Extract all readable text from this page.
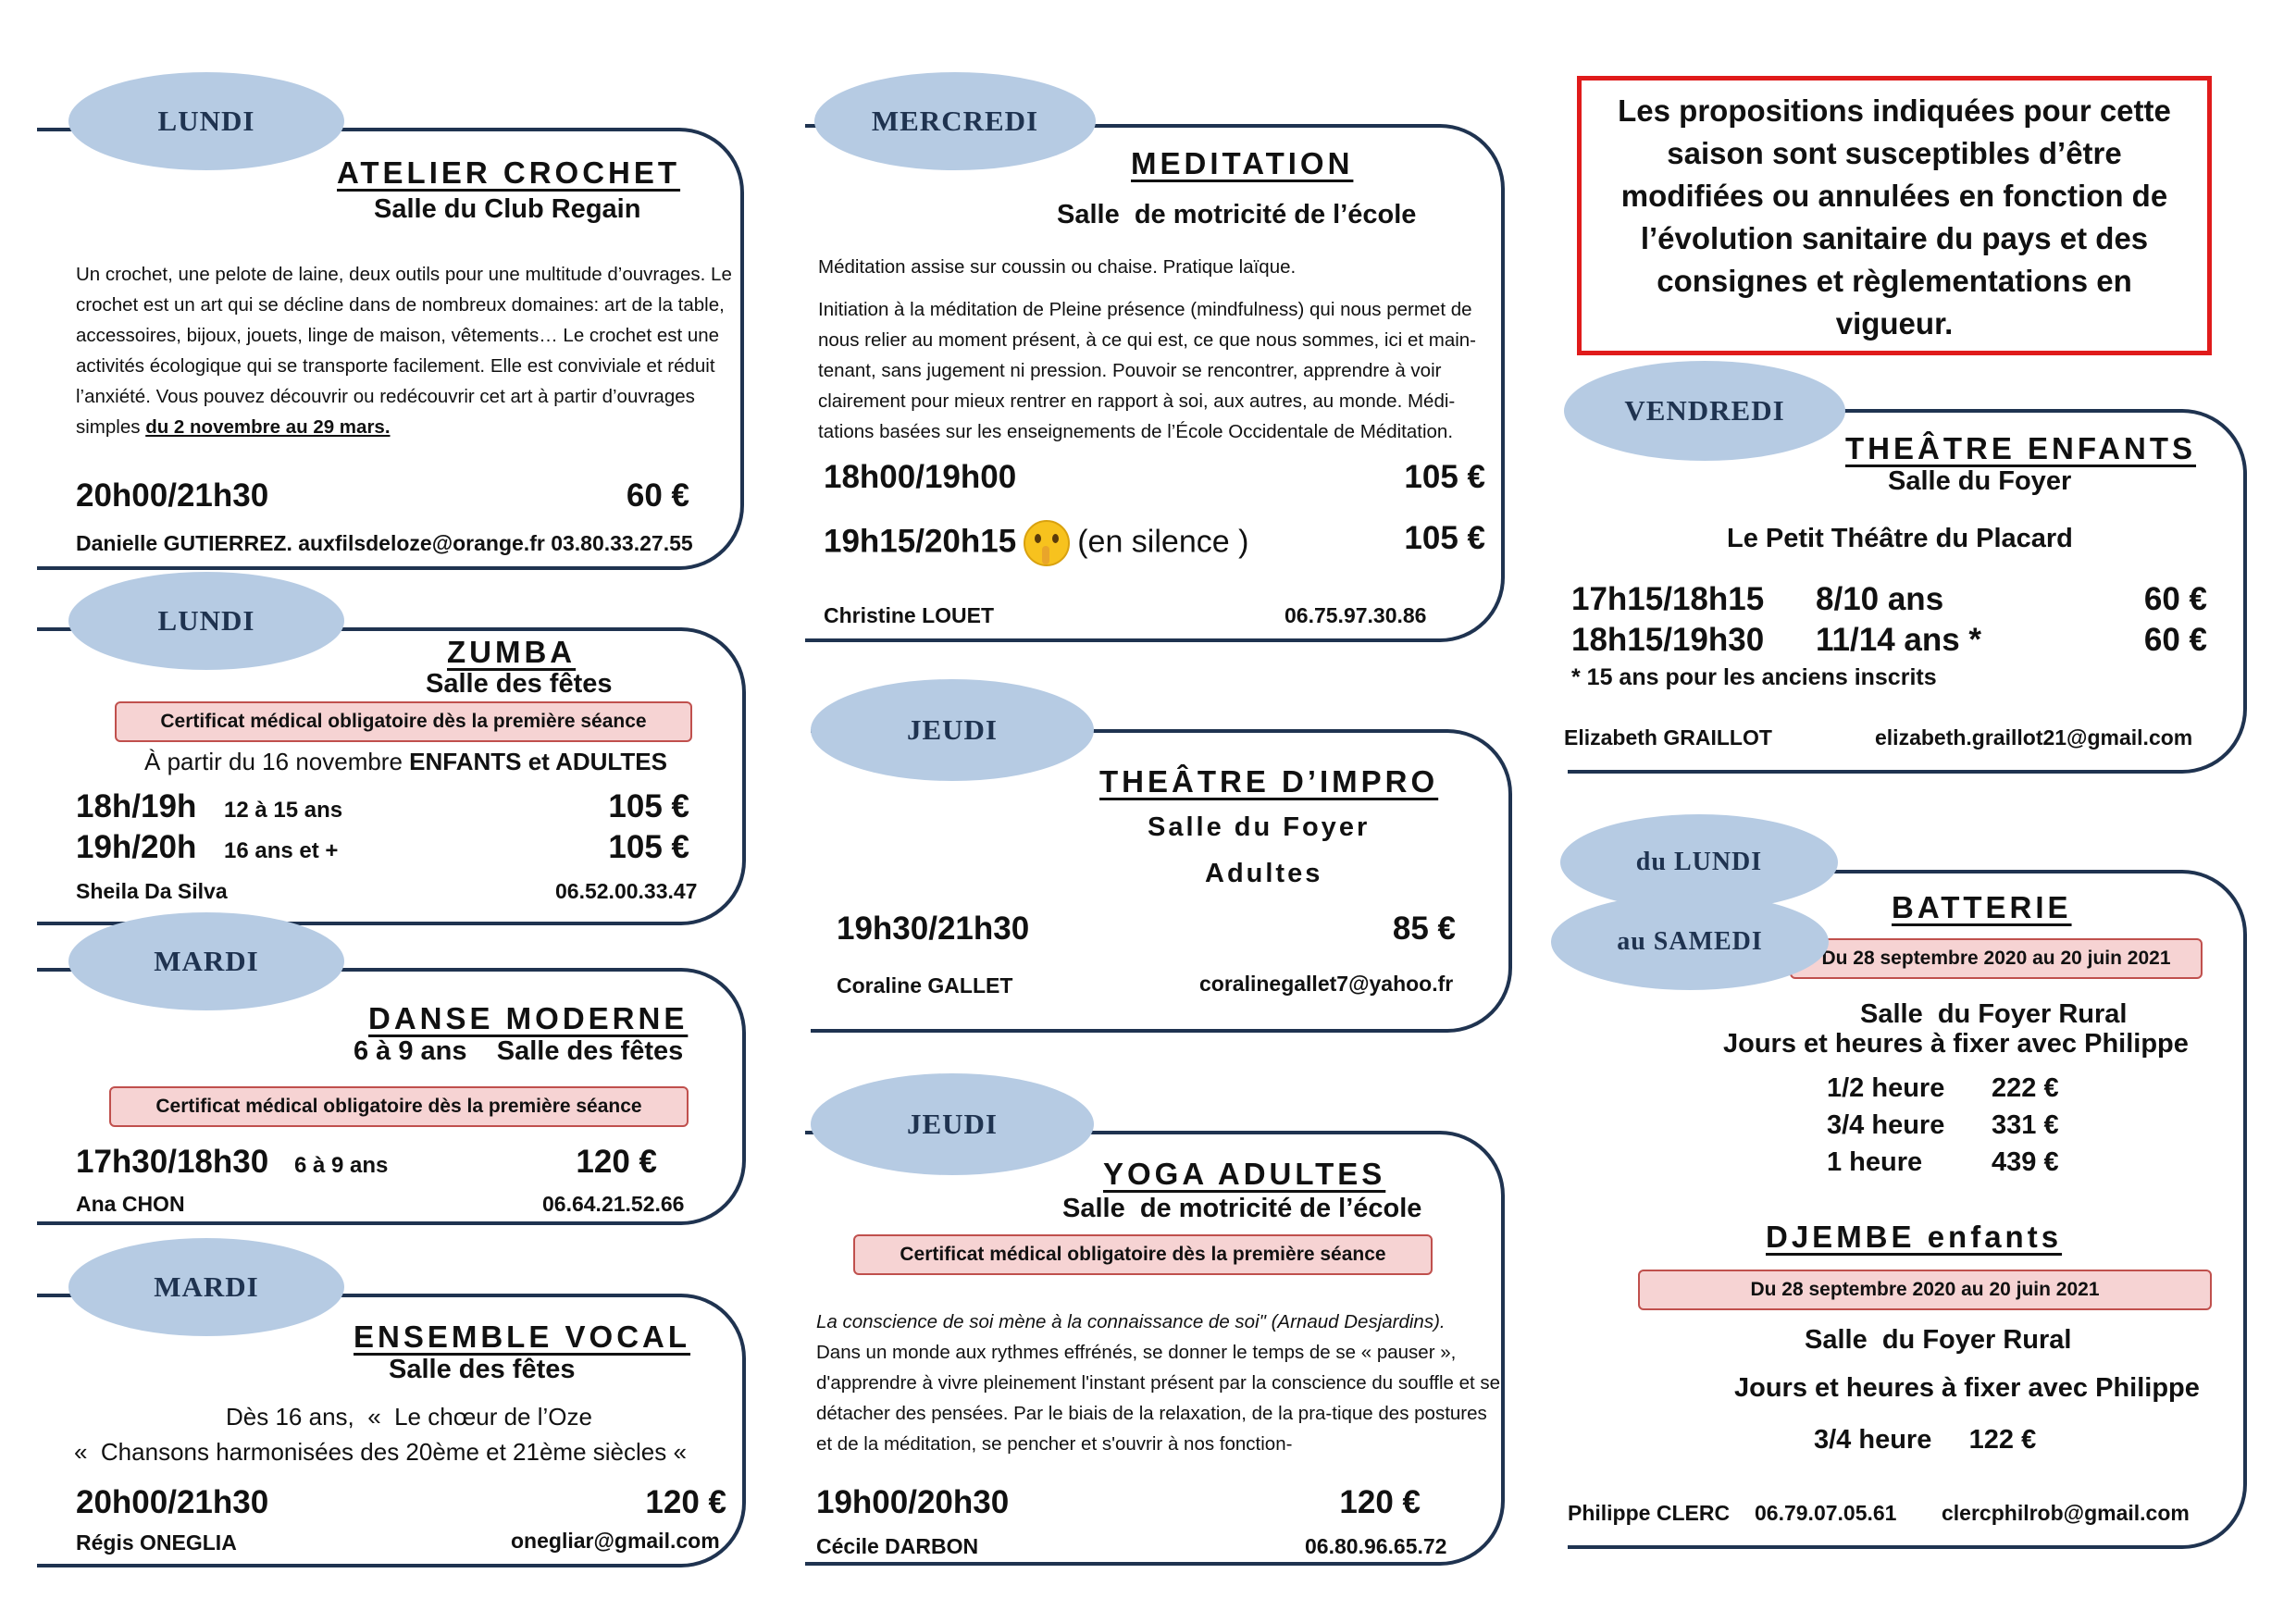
LUNDI
ATELIER CROCHET
Salle du Club Regain
Un crochet, une pelote de laine, deux outils pour une multitude d’ouvrages. Le crochet est un art qui se décline dans de nombreux domaines: art de la table, accessoires, bijoux, jouets, linge de maison, vêtements… Le crochet est une activités écologique qui se transporte facilement. Elle est conviviale et réduit l’anxiété. Vous pouvez découvrir ou redécouvrir cet art à partir d’ouvrages simples du 2 novembre au 29 mars.
20h00/21h30	60 €
Danielle GUTIERREZ. auxfilsdeloze@orange.fr 03.80.33.27.55
LUNDI
ZUMBA
Salle des fêtes
Certificat médical obligatoire dès la première séance
À partir du 16 novembre ENFANTS et ADULTES
18h/19h 12 à 15 ans	105 €
19h/20h 16 ans et +	105 €
Sheila Da Silva	06.52.00.33.47
MARDI
DANSE MODERNE
6 à 9 ans    Salle des fêtes
Certificat médical obligatoire dès la première séance
17h30/18h30 6 à 9 ans	120 €
Ana CHON	06.64.21.52.66
MARDI
ENSEMBLE VOCAL
Salle des fêtes
Dès 16 ans,  «  Le chœur de l’Oze
«  Chansons harmonisées des 20ème et 21ème siècles «
20h00/21h30	120 €
Régis ONEGLIA	onegliar@gmail.com
MERCREDI
MEDITATION
Salle  de motricité de l’école
Méditation assise sur coussin ou chaise. Pratique laïque.
Initiation à la méditation de Pleine présence (mindfulness) qui nous permet de nous relier au moment présent, à ce qui est, ce que nous sommes, ici et main-tenant, sans jugement ni pression. Pouvoir se rencontrer, apprendre à voir clairement pour mieux rentrer en rapport à soi, aux autres, au monde. Médi-tations basées sur les enseignements de l’École Occidentale de Méditation.
18h00/19h00	105 €
19h15/20h15 (en silence )	105 €
Christine LOUET	06.75.97.30.86
JEUDI
THEÂTRE D’IMPRO
Salle du Foyer
Adultes
19h30/21h30	85 €
Coraline GALLET	coralinegallet7@yahoo.fr
JEUDI
YOGA ADULTES
Salle  de motricité de l’école
Certificat médical obligatoire dès la première séance
La conscience de soi mène à la connaissance de soi" (Arnaud Desjardins).
Dans un monde aux rythmes effrénés, se donner le temps de se « pauser », d'apprendre à vivre pleinement l'instant présent par la conscience du souffle et se détacher des pensées. Par le biais de la relaxation, de la pra-tique des postures et de la méditation, se pencher et s'ouvrir à nos fonction-
19h00/20h30	120 €
Cécile DARBON	06.80.96.65.72
Les propositions indiquées pour cette saison sont susceptibles d’être modifiées ou annulées en fonction de l’évolution sanitaire du pays et des consignes et règlementations en vigueur.
VENDREDI
THEÂTRE ENFANTS
Salle du Foyer
Le Petit Théâtre du Placard
17h15/18h15 8/10 ans	60 €
18h15/19h30 11/14 ans *	60 €
* 15 ans pour les anciens inscrits
Elizabeth GRAILLOT	elizabeth.graillot21@gmail.com
du LUNDI
au SAMEDI
BATTERIE
Du 28 septembre 2020 au 20 juin 2021
Salle  du Foyer Rural
Jours et heures à fixer avec Philippe
1/2 heure 222 €
3/4 heure 331 €
1 heure	439 €
DJEMBE enfants
Du 28 septembre 2020 au 20 juin 2021
Salle  du Foyer Rural
Jours et heures à fixer avec Philippe
3/4 heure     122 €
Philippe CLERC 06.79.07.05.61 clercphilrob@gmail.com
